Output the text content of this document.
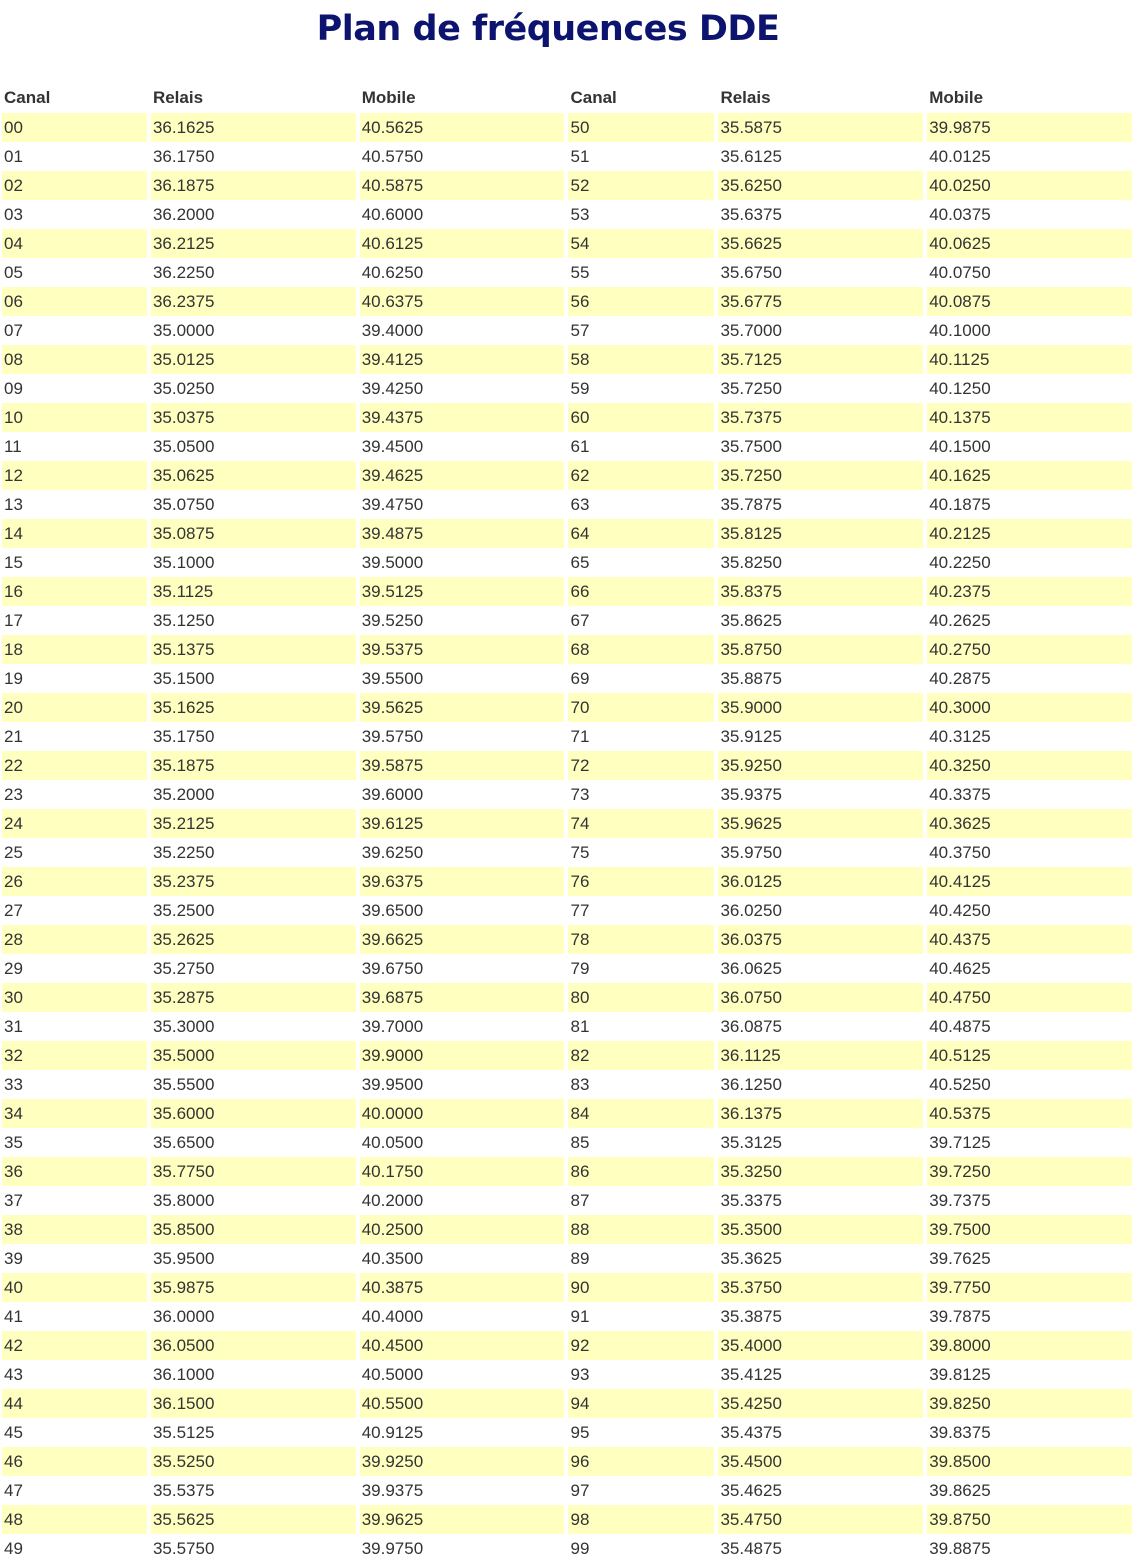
Plan de fréquences DDE
Canal	Relais	Mobile	Canal	Relais	Mobile
00	36.1625	40.5625	50	35.5875	39.9875
01	36.1750	40.5750	51	35.6125	40.0125
02	36.1875	40.5875	52	35.6250	40.0250
03	36.2000	40.6000	53	35.6375	40.0375
04	36.2125	40.6125	54	35.6625	40.0625
05	36.2250	40.6250	55	35.6750	40.0750
06	36.2375	40.6375	56	35.6775	40.0875
07	35.0000	39.4000	57	35.7000	40.1000
08	35.0125	39.4125	58	35.7125	40.1125
09	35.0250	39.4250	59	35.7250	40.1250
10	35.0375	39.4375	60	35.7375	40.1375
11	35.0500	39.4500	61	35.7500	40.1500
12	35.0625	39.4625	62	35.7250	40.1625
13	35.0750	39.4750	63	35.7875	40.1875
14	35.0875	39.4875	64	35.8125	40.2125
15	35.1000	39.5000	65	35.8250	40.2250
16	35.1125	39.5125	66	35.8375	40.2375
17	35.1250	39.5250	67	35.8625	40.2625
18	35.1375	39.5375	68	35.8750	40.2750
19	35.1500	39.5500	69	35.8875	40.2875
20	35.1625	39.5625	70	35.9000	40.3000
21	35.1750	39.5750	71	35.9125	40.3125
22	35.1875	39.5875	72	35.9250	40.3250
23	35.2000	39.6000	73	35.9375	40.3375
24	35.2125	39.6125	74	35.9625	40.3625
25	35.2250	39.6250	75	35.9750	40.3750
26	35.2375	39.6375	76	36.0125	40.4125
27	35.2500	39.6500	77	36.0250	40.4250
28	35.2625	39.6625	78	36.0375	40.4375
29	35.2750	39.6750	79	36.0625	40.4625
30	35.2875	39.6875	80	36.0750	40.4750
31	35.3000	39.7000	81	36.0875	40.4875
32	35.5000	39.9000	82	36.1125	40.5125
33	35.5500	39.9500	83	36.1250	40.5250
34	35.6000	40.0000	84	36.1375	40.5375
35	35.6500	40.0500	85	35.3125	39.7125
36	35.7750	40.1750	86	35.3250	39.7250
37	35.8000	40.2000	87	35.3375	39.7375
38	35.8500	40.2500	88	35.3500	39.7500
39	35.9500	40.3500	89	35.3625	39.7625
40	35.9875	40.3875	90	35.3750	39.7750
41	36.0000	40.4000	91	35.3875	39.7875
42	36.0500	40.4500	92	35.4000	39.8000
43	36.1000	40.5000	93	35.4125	39.8125
44	36.1500	40.5500	94	35.4250	39.8250
45	35.5125	40.9125	95	35.4375	39.8375
46	35.5250	39.9250	96	35.4500	39.8500
47	35.5375	39.9375	97	35.4625	39.8625
48	35.5625	39.9625	98	35.4750	39.8750
49	35.5750	39.9750	99	35.4875	39.8875
